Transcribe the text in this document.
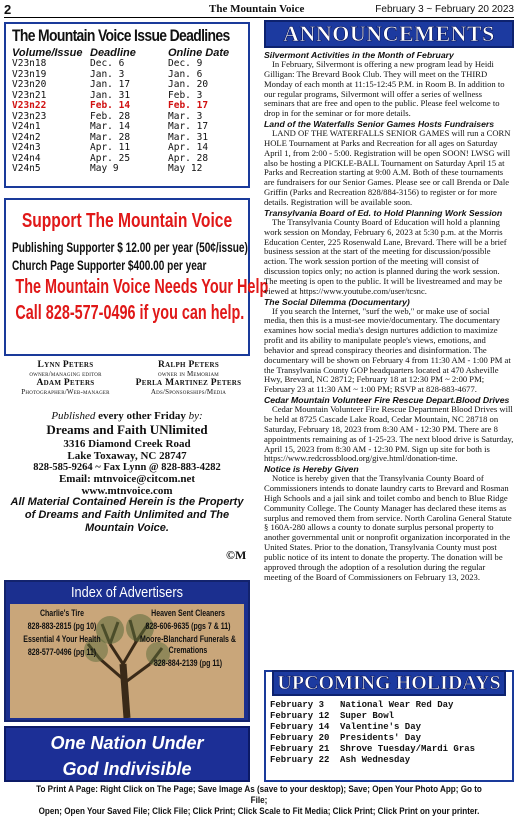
2	The Mountain Voice	February 3 ~ February 20 2023
The Mountain Voice Issue Deadlines
Volume/Issue	Deadline	Online Date
V23n18	Dec. 6	Dec. 9
V23n19	Jan. 3	Jan. 6
V23n20	Jan. 17	Jan. 20
V23n21	Jan. 31	Feb. 3
V23n22	Feb. 14	Feb. 17
V23n23	Feb. 28	Mar. 3
V24n1	Mar. 14	Mar. 17
V24n2	Mar. 28	Mar. 31
V24n3	Apr. 11	Apr. 14
V24n4	Apr. 25	Apr. 28
V24n5	May 9	May 12
Support The Mountain Voice
Publishing Supporter $ 12.00 per year (50¢/issue)
Church Page Supporter $400.00 per year
The Mountain Voice Needs Your Help
Call 828-577-0496 if you can help.
Lynn Peters
owner/managing editor
Ralph Peters
owner in Memoriam
Adam Peters
Photographer/Web-manager
Perla Martinez Peters
Ads/Sponsorships/Media
Published every other Friday by:
Dreams and Faith UNlimited
3316 Diamond Creek Road
Lake Toxaway, NC 28747
828-585-9264 ~ Fax Lynn @ 828-883-4282
Email: mtnvoice@citcom.net
www.mtnvoice.com
All Material Contained Herein is the Property of Dreams and Faith Unlimited and The Mountain Voice.
©M
Index of Advertisers

Charlie's Tire

828-883-2815 (pg 10)

Essential 4 Your Health

828-577-0496 (pg 11)

Heaven Sent Cleaners

828-606-9635 (pgs 7 & 11)

Moore-Blanchard Funerals & Cremations

828-884-2139 (pg 11)

One Nation Under
God Indivisible
ANNOUNCEMENTS
Silvermont Activities in the Month of February
In February, Silvermont is offering a new program lead by Heidi Gilligan: The Brevard Book Club. They will meet on the THIRD Monday of each month at 11:15-12:45 P.M. in Room B. In addition to our regular programs, Silvermont will offer a series of wellness seminars that are free and open to the public. Please feel welcome to drop in for the seminar or for more details.
Land of the Waterfalls Senior Games Hosts Fundraisers
LAND OF THE WATERFALLS SENIOR GAMES will run a CORN HOLE Tournament at Parks and Recreation for all ages on Saturday April 1, from 2:00 - 5:00. Registration will be open SOON! LWSG will also be hosting a PICKLE-BALL Tournament on Saturday April 15 at Parks and Recreation starting at 9:00 A.M. Both of these tournaments are fundraisers for our Senior Games. Please see or call Brenda or Dale Griffin (Parks and Recreation 828/884-3156) to register or for more details. Registration will be available soon.
Transylvania Board of Ed. to Hold Planning Work Session
The Transylvania County Board of Education will hold a planning work session on Monday, February 6, 2023 at 5:30 p.m. at the Morris Education Center, 225 Rosenwald Lane, Brevard. There will be a brief business session at the start of the meeting for discussion/possible action. The work session portion of the meeting will consist of discussion topics only; no action is planned during the work session. The meeting is open to the public. It will be livestreamed and may be viewed at https://www.youtube.com/user/tcsnc.
The Social Dilemma (Documentary)
If you search the Internet, "surf the web," or make use of social media, then this is a must-see movie/documentary. The documentary examines how social media's design nurtures addiction to maximize profit and its ability to manipulate people's views, emotions, and behavior and spread conspiracy theories and disinformation. The documentary will be shown on February 4 from 11:30 AM - 1:00 PM at the Transylvania County GOP headquarters located at 470 Asheville Hwy, Brevard, NC 28712; February 18 at 12:30 PM ~ 2:00 PM; February 23 at 11:30 AM ~ 1:00 PM; RSVP at 828-883-4677.
Cedar Mountain Volunteer Fire Rescue Depart.Blood Drives
Cedar Mountain Volunteer Fire Rescue Department Blood Drives will be held at 8725 Cascade Lake Road, Cedar Mountain, NC 28718 on Saturday, February 18, 2023 from 8:30 AM - 12:30 PM. There are 8 appointments remaining as of 1-25-23. The next blood drive is Saturday, April 15, 2023 from 8:30 AM - 12:30 PM. Sign up site for both is https://www.redcrossblood.org/give.html/donation-time.
Notice is Hereby Given
Notice is hereby given that the Transylvania County Board of Commissioners intends to donate laundry carts to Brevard and Rosman High Schools and a jail sink and toilet combo and bench to Blue Ridge Community College. The County Manager has declared these items as surplus and removed them from service. North Carolina General Statute § 160A-280 allows a county to donate surplus personal property to another governmental unit or nonprofit organization incorporated in the United States. Prior to the donation, Transylvania County must post public notice of its intent to donate the property. The donation will be approved through the adoption of a resolution during the regular meeting of the Board of Commissioners on February 13, 2023.
UPCOMING HOLIDAYS
February 3	National Wear Red Day
February 12	Super Bowl
February 14	Valentine's Day
February 20	Presidents' Day
February 21	Shrove Tuesday/Mardi Gras
February 22	Ash Wednesday
To Print A Page: Right Click on The Page; Save Image As (save to your desktop); Save; Open Your Photo App; Go to File;
Open; Open Your Saved File; Click File; Click Print; Click Scale to Fit Media; Click Print; Click Print on your printer.
